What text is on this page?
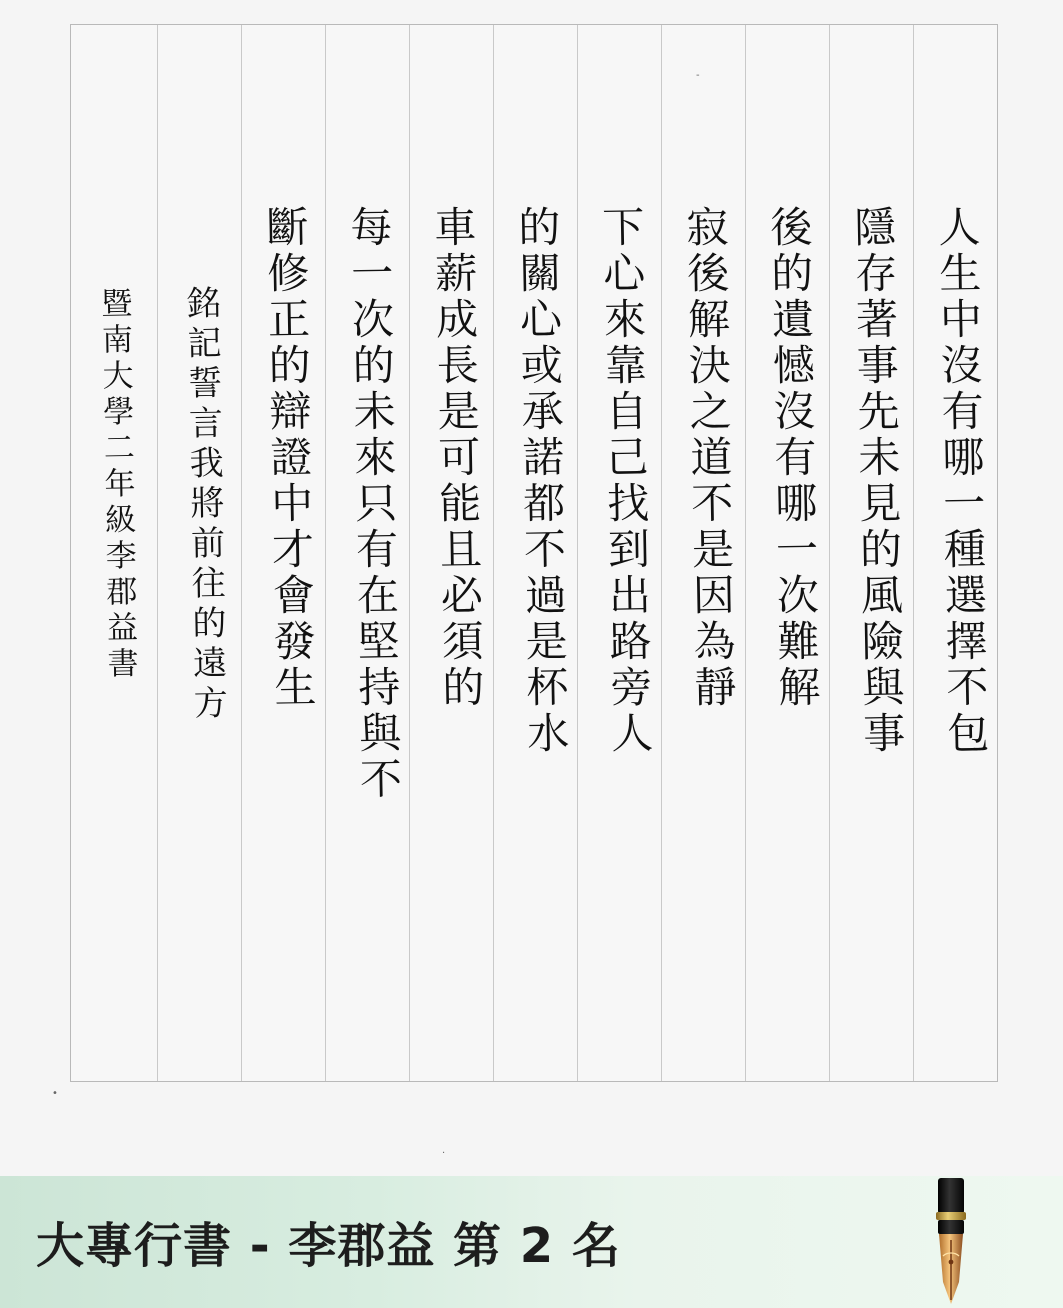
人生中沒有哪一種選擇不包
隱存著事先未見的風險與事
後的遺憾沒有哪一次難解
寂後解決之道不是因為靜
下心來靠自己找到出路旁人
的關心或承諾都不過是杯水
車薪成長是可能且必須的
每一次的未來只有在堅持與不
斷修正的辯證中才會發生
銘記誓言我將前往的遠方
暨南大學二年級李郡益書
-
•
·
大專行書 - 李郡益 第 2 名
